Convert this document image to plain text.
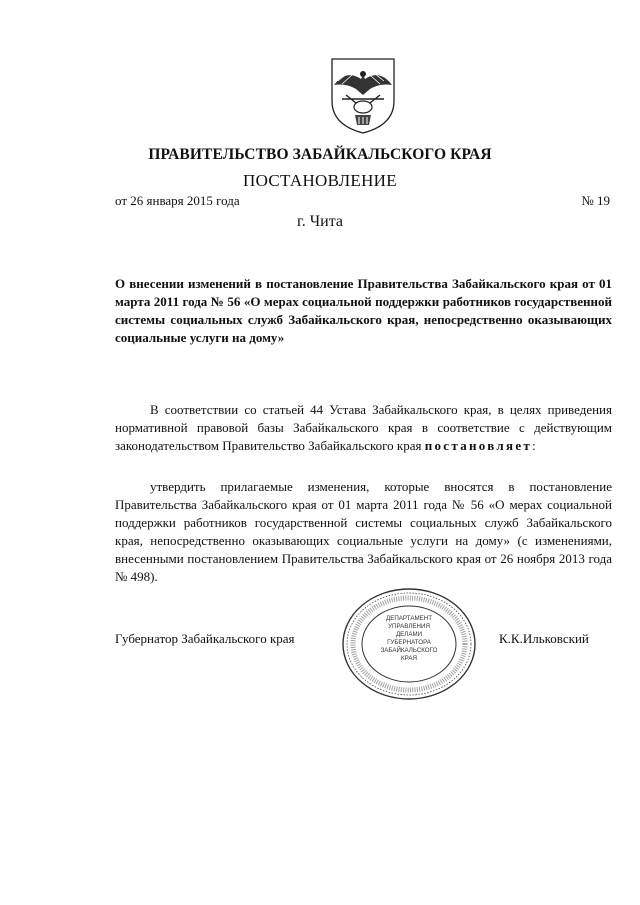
ПРАВИТЕЛЬСТВО ЗАБАЙКАЛЬСКОГО КРАЯ
ПОСТАНОВЛЕНИЕ
от 26 января 2015 года	№ 19
г. Чита
О внесении изменений в постановление Правительства Забайкальского края от 01 марта 2011 года № 56 «О мерах социальной поддержки работников государственной системы социальных служб Забайкальского края, непосредственно оказывающих социальные услуги на дому»
В соответствии со статьей 44 Устава Забайкальского края, в целях приведения нормативной правовой базы Забайкальского края в соответствие с действующим законодательством Правительство Забайкальского края постановляет:
утвердить прилагаемые изменения, которые вносятся в постановление Правительства Забайкальского края от 01 марта 2011 года № 56 «О мерах социальной поддержки работников государственной системы социальных служб Забайкальского края, непосредственно оказывающих социальные услуги на дому» (с изменениями, внесенными постановлением Правительства Забайкальского края от 26 ноября 2013 года № 498).
Губернатор Забайкальского края	К.К.Ильковский
ДЕПАРТАМЕНТ
УПРАВЛЕНИЯ
ДЕЛАМИ
ГУБЕРНАТОРА
ЗАБАЙКАЛЬСКОГО
КРАЯ
